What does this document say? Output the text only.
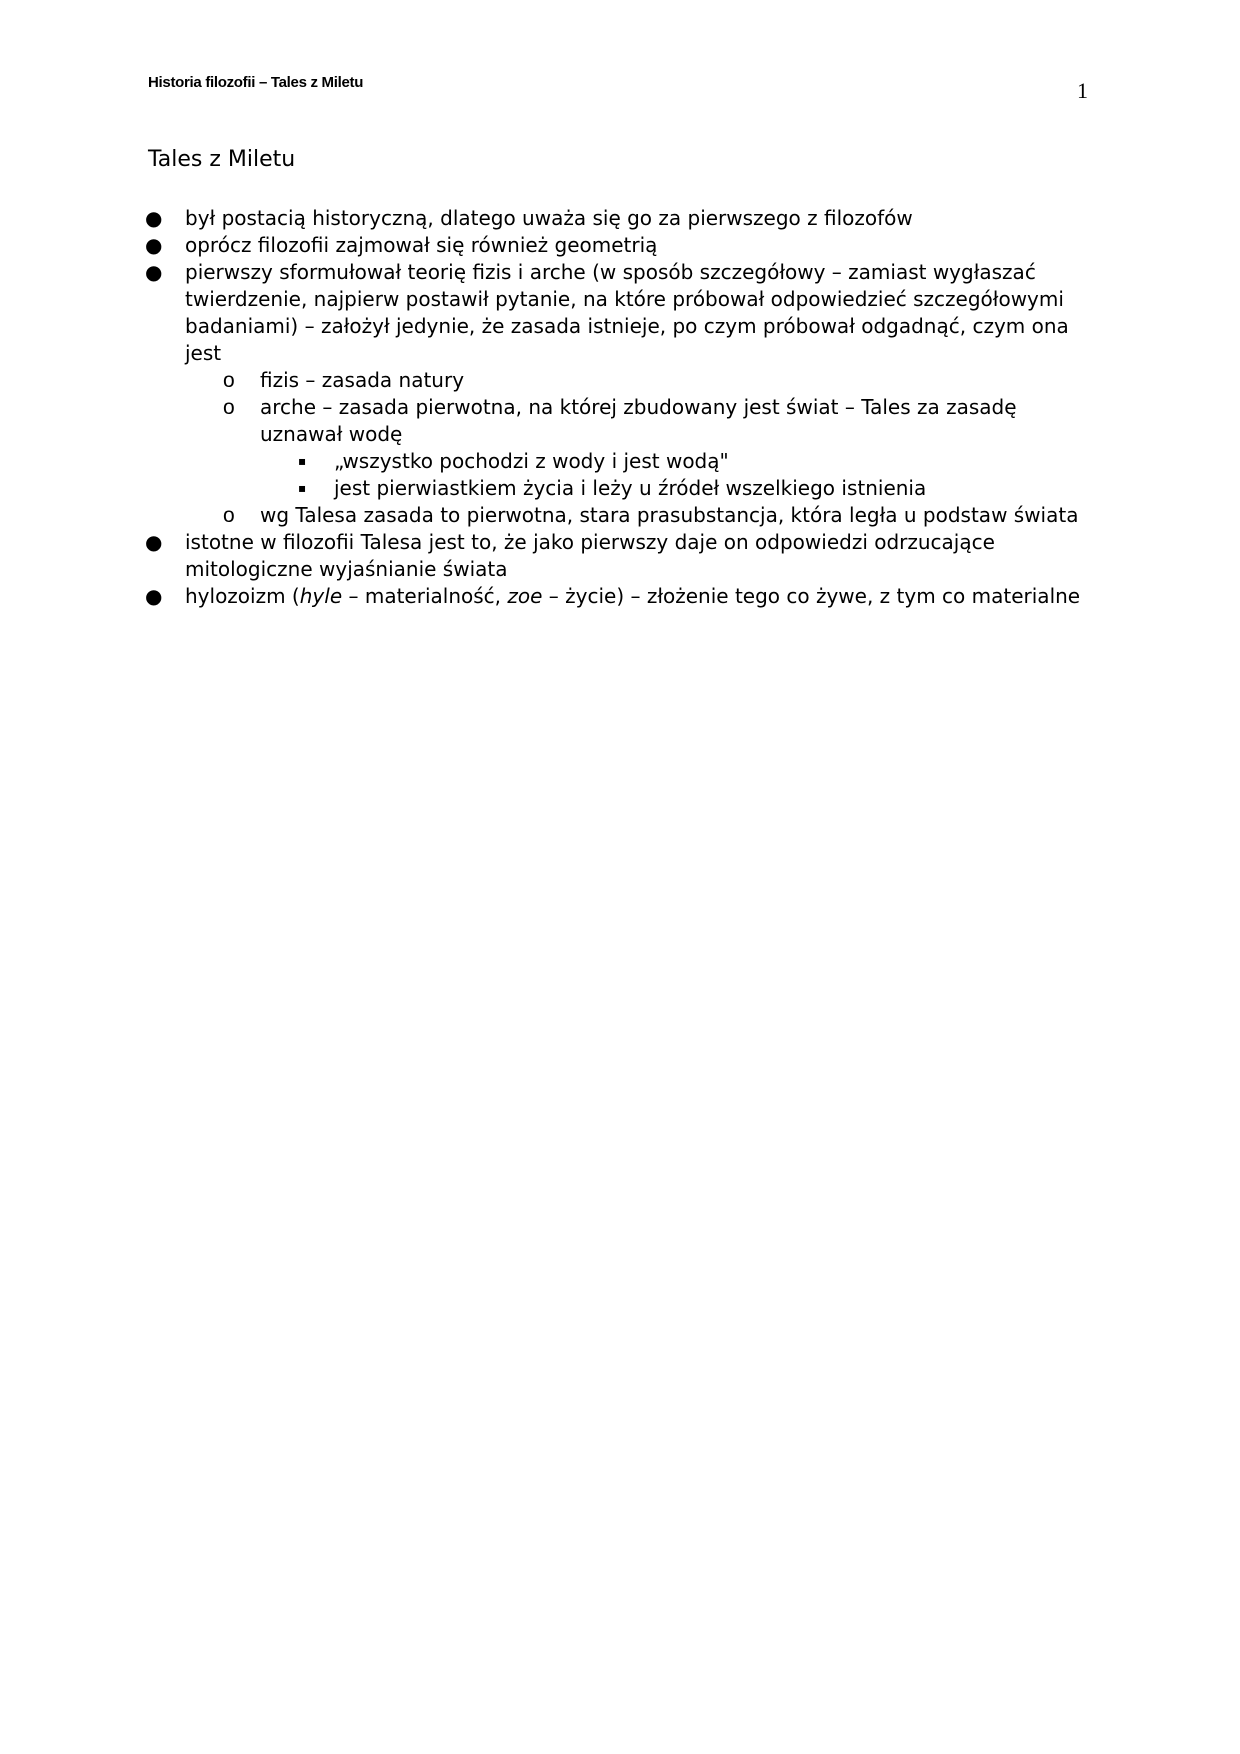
Historia filozofii – Tales z Miletu	1
Tales z Miletu
● był postacią historyczną, dlatego uważa się go za pierwszego z filozofów
● oprócz filozofii zajmował się również geometrią
● pierwszy sformułował teorię fizis i arche (w sposób szczegółowy – zamiast wygłaszać twierdzenie, najpierw postawił pytanie, na które próbował odpowiedzieć szczegółowymi badaniami) – założył jedynie, że zasada istnieje, po czym próbował odgadnąć, czym ona jest
o fizis – zasada natury
o arche – zasada pierwotna, na której zbudowany jest świat – Tales za zasadę uznawał wodę
▪ „wszystko pochodzi z wody i jest wodą"
▪ jest pierwiastkiem życia i leży u źródeł wszelkiego istnienia
o wg Talesa zasada to pierwotna, stara prasubstancja, która legła u podstaw świata
● istotne w filozofii Talesa jest to, że jako pierwszy daje on odpowiedzi odrzucające mitologiczne wyjaśnianie świata
● hylozoizm (hyle – materialność, zoe – życie) – złożenie tego co żywe, z tym co materialne
